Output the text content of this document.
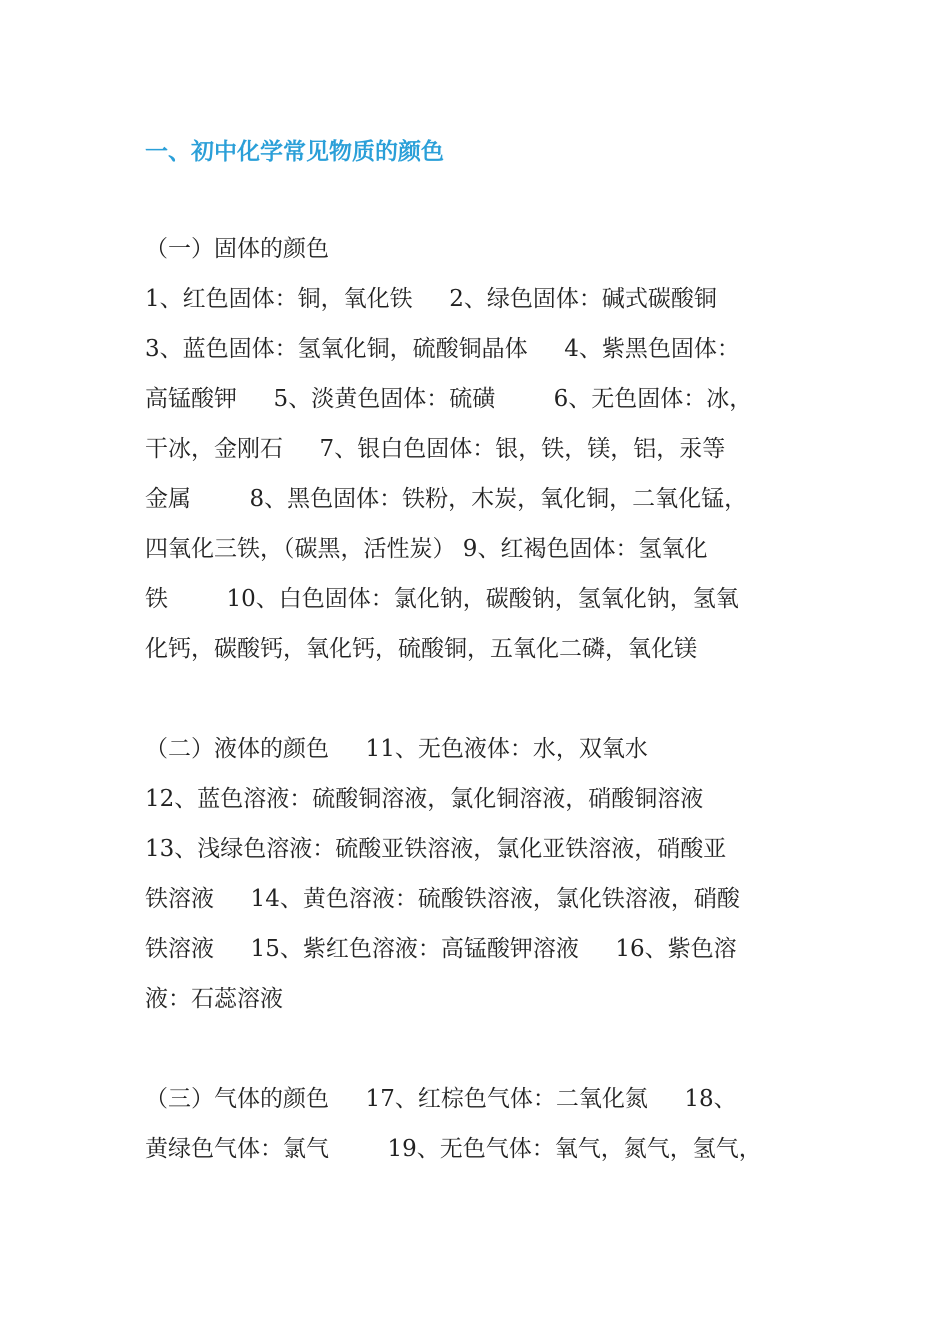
一、初中化学常见物质的颜色
（一）固体的颜色
1、红色固体：铜，氧化铁     2、绿色固体：碱式碳酸铜
3、蓝色固体：氢氧化铜，硫酸铜晶体     4、紫黑色固体：
高锰酸钾     5、淡黄色固体：硫磺        6、无色固体：冰，
干冰，金刚石     7、银白色固体：银，铁，镁，铝，汞等
金属        8、黑色固体：铁粉，木炭，氧化铜，二氧化锰，
四氧化三铁，（碳黑，活性炭） 9、红褐色固体：氢氧化
铁        10、白色固体：氯化钠，碳酸钠，氢氧化钠，氢氧
化钙，碳酸钙，氧化钙，硫酸铜，五氧化二磷，氧化镁
（二）液体的颜色     11、无色液体：水，双氧水
12、蓝色溶液：硫酸铜溶液，氯化铜溶液，硝酸铜溶液
13、浅绿色溶液：硫酸亚铁溶液，氯化亚铁溶液，硝酸亚
铁溶液     14、黄色溶液：硫酸铁溶液，氯化铁溶液，硝酸
铁溶液     15、紫红色溶液：高锰酸钾溶液     16、紫色溶
液：石蕊溶液
（三）气体的颜色     17、红棕色气体：二氧化氮     18、
黄绿色气体：氯气        19、无色气体：氧气，氮气，氢气，
